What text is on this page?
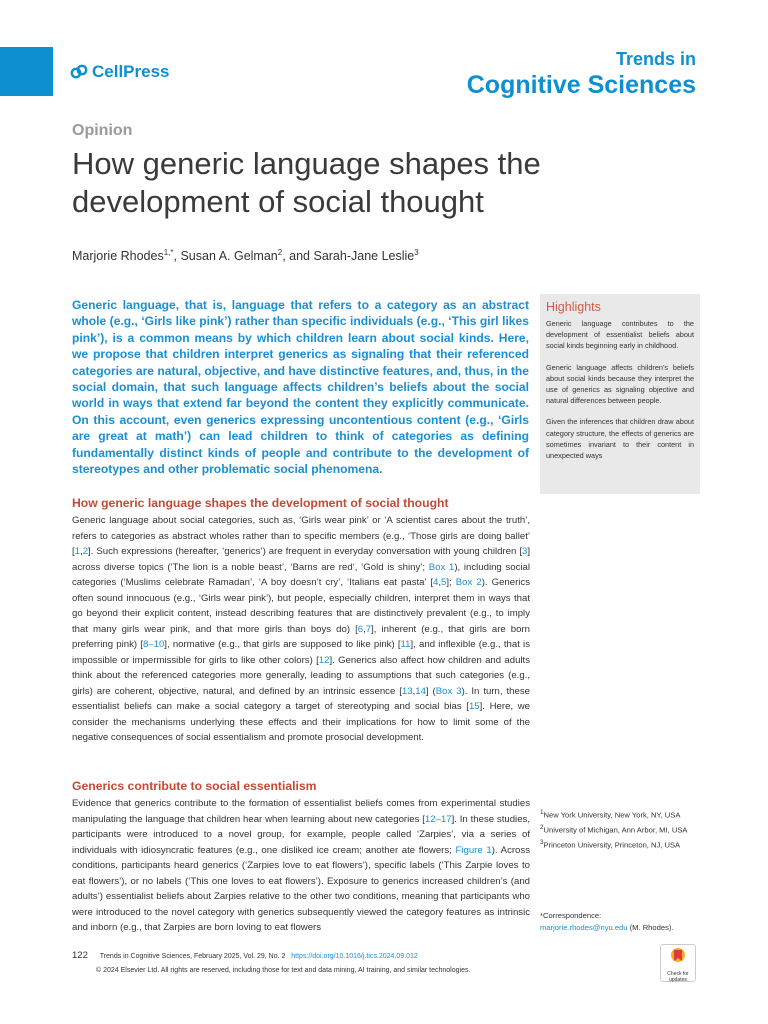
CellPress
Trends in
Cognitive Sciences
Opinion
How generic language shapes the development of social thought
Marjorie Rhodes$^{1,*}$, Susan A. Gelman$^2$, and Sarah-Jane Leslie$^3$

Generic language, that is, language that refers to a category as an abstract whole (e.g., ‘Girls like pink’) rather than specific individuals (e.g., ‘This girl likes pink’), is a common means by which children learn about social kinds. Here, we propose that children interpret generics as signaling that their referenced categories are natural, objective, and have distinctive features, and, thus, in the social domain, that such language affects children’s beliefs about the social world in ways that extend far beyond the content they explicitly communicate. On this account, even generics expressing uncontentious content (e.g., ‘Girls are great at math’) can lead children to think of categories as defining fundamentally distinct kinds of people and contribute to the development of stereotypes and other problematic social phenomena.

Highlights

Generic language contributes to the development of essentialist beliefs about social kinds beginning early in childhood.

Generic language affects children’s beliefs about social kinds because they interpret the use of generics as signaling objective and natural differences between people.

Given the inferences that children draw about category structure, the effects of generics are sometimes invariant to their content in unexpected ways

How generic language shapes the development of social thought

Generic language about social categories, such as, ‘Girls wear pink’ or ‘A scientist cares about the truth’, refers to categories as abstract wholes rather than to specific members (e.g., ‘Those girls are doing ballet’ [1,2]. Such expressions (hereafter, ‘generics’) are frequent in everyday conversation with young children [3] across diverse topics (‘The lion is a noble beast’, ‘Barns are red’, ‘Gold is shiny’; Box 1), including social categories (‘Muslims celebrate Ramadan’, ‘A boy doesn’t cry’, ‘Italians eat pasta’ [4,5]; Box 2). Generics often sound innocuous (e.g., ‘Girls wear pink’), but people, especially children, interpret them in ways that go beyond their explicit content, instead describing features that are distinctively prevalent (e.g., to imply that many girls wear pink, and that more girls than boys do) [6,7], inherent (e.g., that girls are born preferring pink) [8–10], normative (e.g., that girls are supposed to like pink) [11], and inflexible (e.g., that is impossible or impermissible for girls to like other colors) [12]. Generics also affect how children and adults think about the referenced categories more generally, leading to assumptions that such categories (e.g., girls) are coherent, objective, natural, and defined by an intrinsic essence [13,14] (Box 3). In turn, these essentialist beliefs can make a social category a target of stereotyping and social bias [15]. Here, we consider the mechanisms underlying these effects and their implications for how to limit some of the negative consequences of social essentialism and promote prosocial development.

Generics contribute to social essentialism

Evidence that generics contribute to the formation of essentialist beliefs comes from experimental studies manipulating the language that children hear when learning about new categories [12–17]. In these studies, participants were introduced to a novel group, for example, people called ‘Zarpies’, via a series of individuals with idiosyncratic features (e.g., one disliked ice cream; another ate flowers; Figure 1). Across conditions, participants heard generics (‘Zarpies love to eat flowers’), specific labels (‘This Zarpie loves to eat flowers’), or no labels (‘This one loves to eat flowers’). Exposure to generics increased children’s (and adults’) essentialist beliefs about Zarpies relative to the other two conditions, meaning that participants who were introduced to the novel category with generics subsequently viewed the category features as intrinsic and inborn (e.g., that Zarpies are born loving to eat flowers

$^1$New York University, New York, NY, USA
$^2$University of Michigan, Ann Arbor, MI, USA
$^3$Princeton University, Princeton, NJ, USA
*Correspondence:
marjorie.rhodes@nyu.edu (M. Rhodes).
122 Trends in Cognitive Sciences, February 2025, Vol. 29, No. 2 https://doi.org/10.1016/j.tics.2024.09.012
© 2024 Elsevier Ltd. All rights are reserved, including those for text and data mining, AI training, and similar technologies.	Check for
updates
